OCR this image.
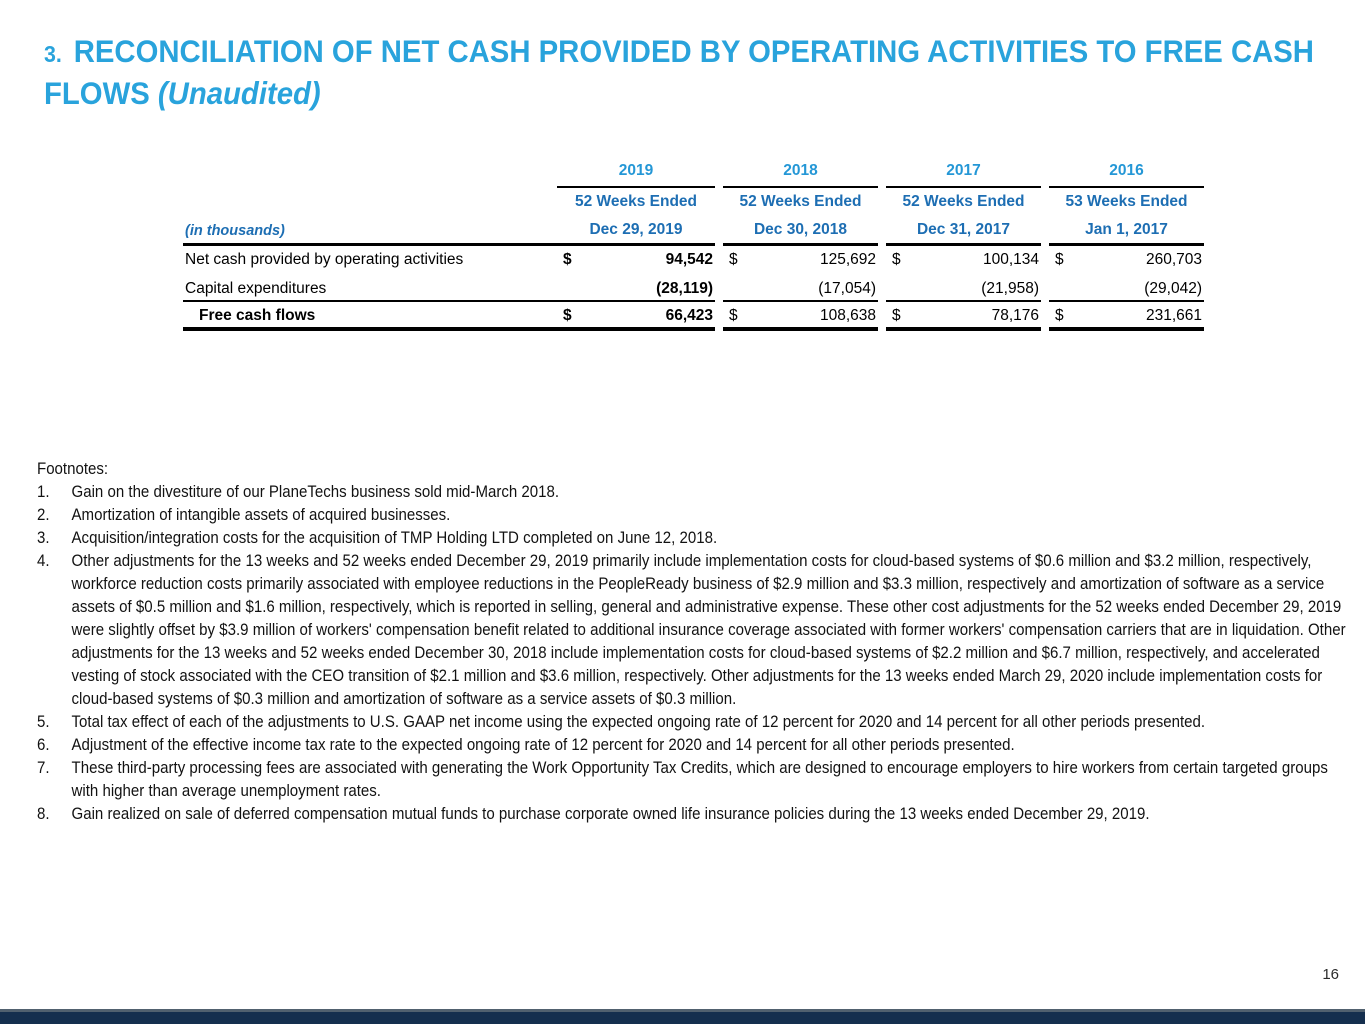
3. RECONCILIATION OF NET CASH PROVIDED BY OPERATING ACTIVITIES TO FREE CASH FLOWS (Unaudited)
2019	2018	2017	2016
52 Weeks Ended	52 Weeks Ended	52 Weeks Ended	53 Weeks Ended
Dec 29, 2019	Dec 30, 2018	Dec 31, 2017	Jan 1, 2017
(in thousands)
Net cash provided by operating activities	$	94,542 $	125,692 $	100,134 $	260,703
Capital expenditures	(28,119)	(17,054)	(21,958)	(29,042)
Free cash flows	$	66,423 $	108,638 $	78,176 $	231,661
Footnotes:
1.	Gain on the divestiture of our PlaneTechs business sold mid-March 2018.
2.	Amortization of intangible assets of acquired businesses.
3.	Acquisition/integration costs for the acquisition of TMP Holding LTD completed on June 12, 2018.
4.	Other adjustments for the 13 weeks and 52 weeks ended December 29, 2019 primarily include implementation costs for cloud-based systems of $0.6 million and $3.2 million, respectively, workforce reduction costs primarily associated with employee reductions in the PeopleReady business of $2.9 million and $3.3 million, respectively and amortization of software as a service assets of $0.5 million and $1.6 million, respectively, which is reported in selling, general and administrative expense. These other cost adjustments for the 52 weeks ended December 29, 2019 were slightly offset by $3.9 million of workers' compensation benefit related to additional insurance coverage associated with former workers' compensation carriers that are in liquidation. Other adjustments for the 13 weeks and 52 weeks ended December 30, 2018 include implementation costs for cloud-based systems of $2.2 million and $6.7 million, respectively, and accelerated vesting of stock associated with the CEO transition of $2.1 million and $3.6 million, respectively. Other adjustments for the 13 weeks ended March 29, 2020 include implementation costs for cloud-based systems of $0.3 million and amortization of software as a service assets of $0.3 million.
5.	Total tax effect of each of the adjustments to U.S. GAAP net income using the expected ongoing rate of 12 percent for 2020 and 14 percent for all other periods presented.
6.	Adjustment of the effective income tax rate to the expected ongoing rate of 12 percent for 2020 and 14 percent for all other periods presented.
7.	These third-party processing fees are associated with generating the Work Opportunity Tax Credits, which are designed to encourage employers to hire workers from certain targeted groups with higher than average unemployment rates.
8.	Gain realized on sale of deferred compensation mutual funds to purchase corporate owned life insurance policies during the 13 weeks ended December 29, 2019.
16
